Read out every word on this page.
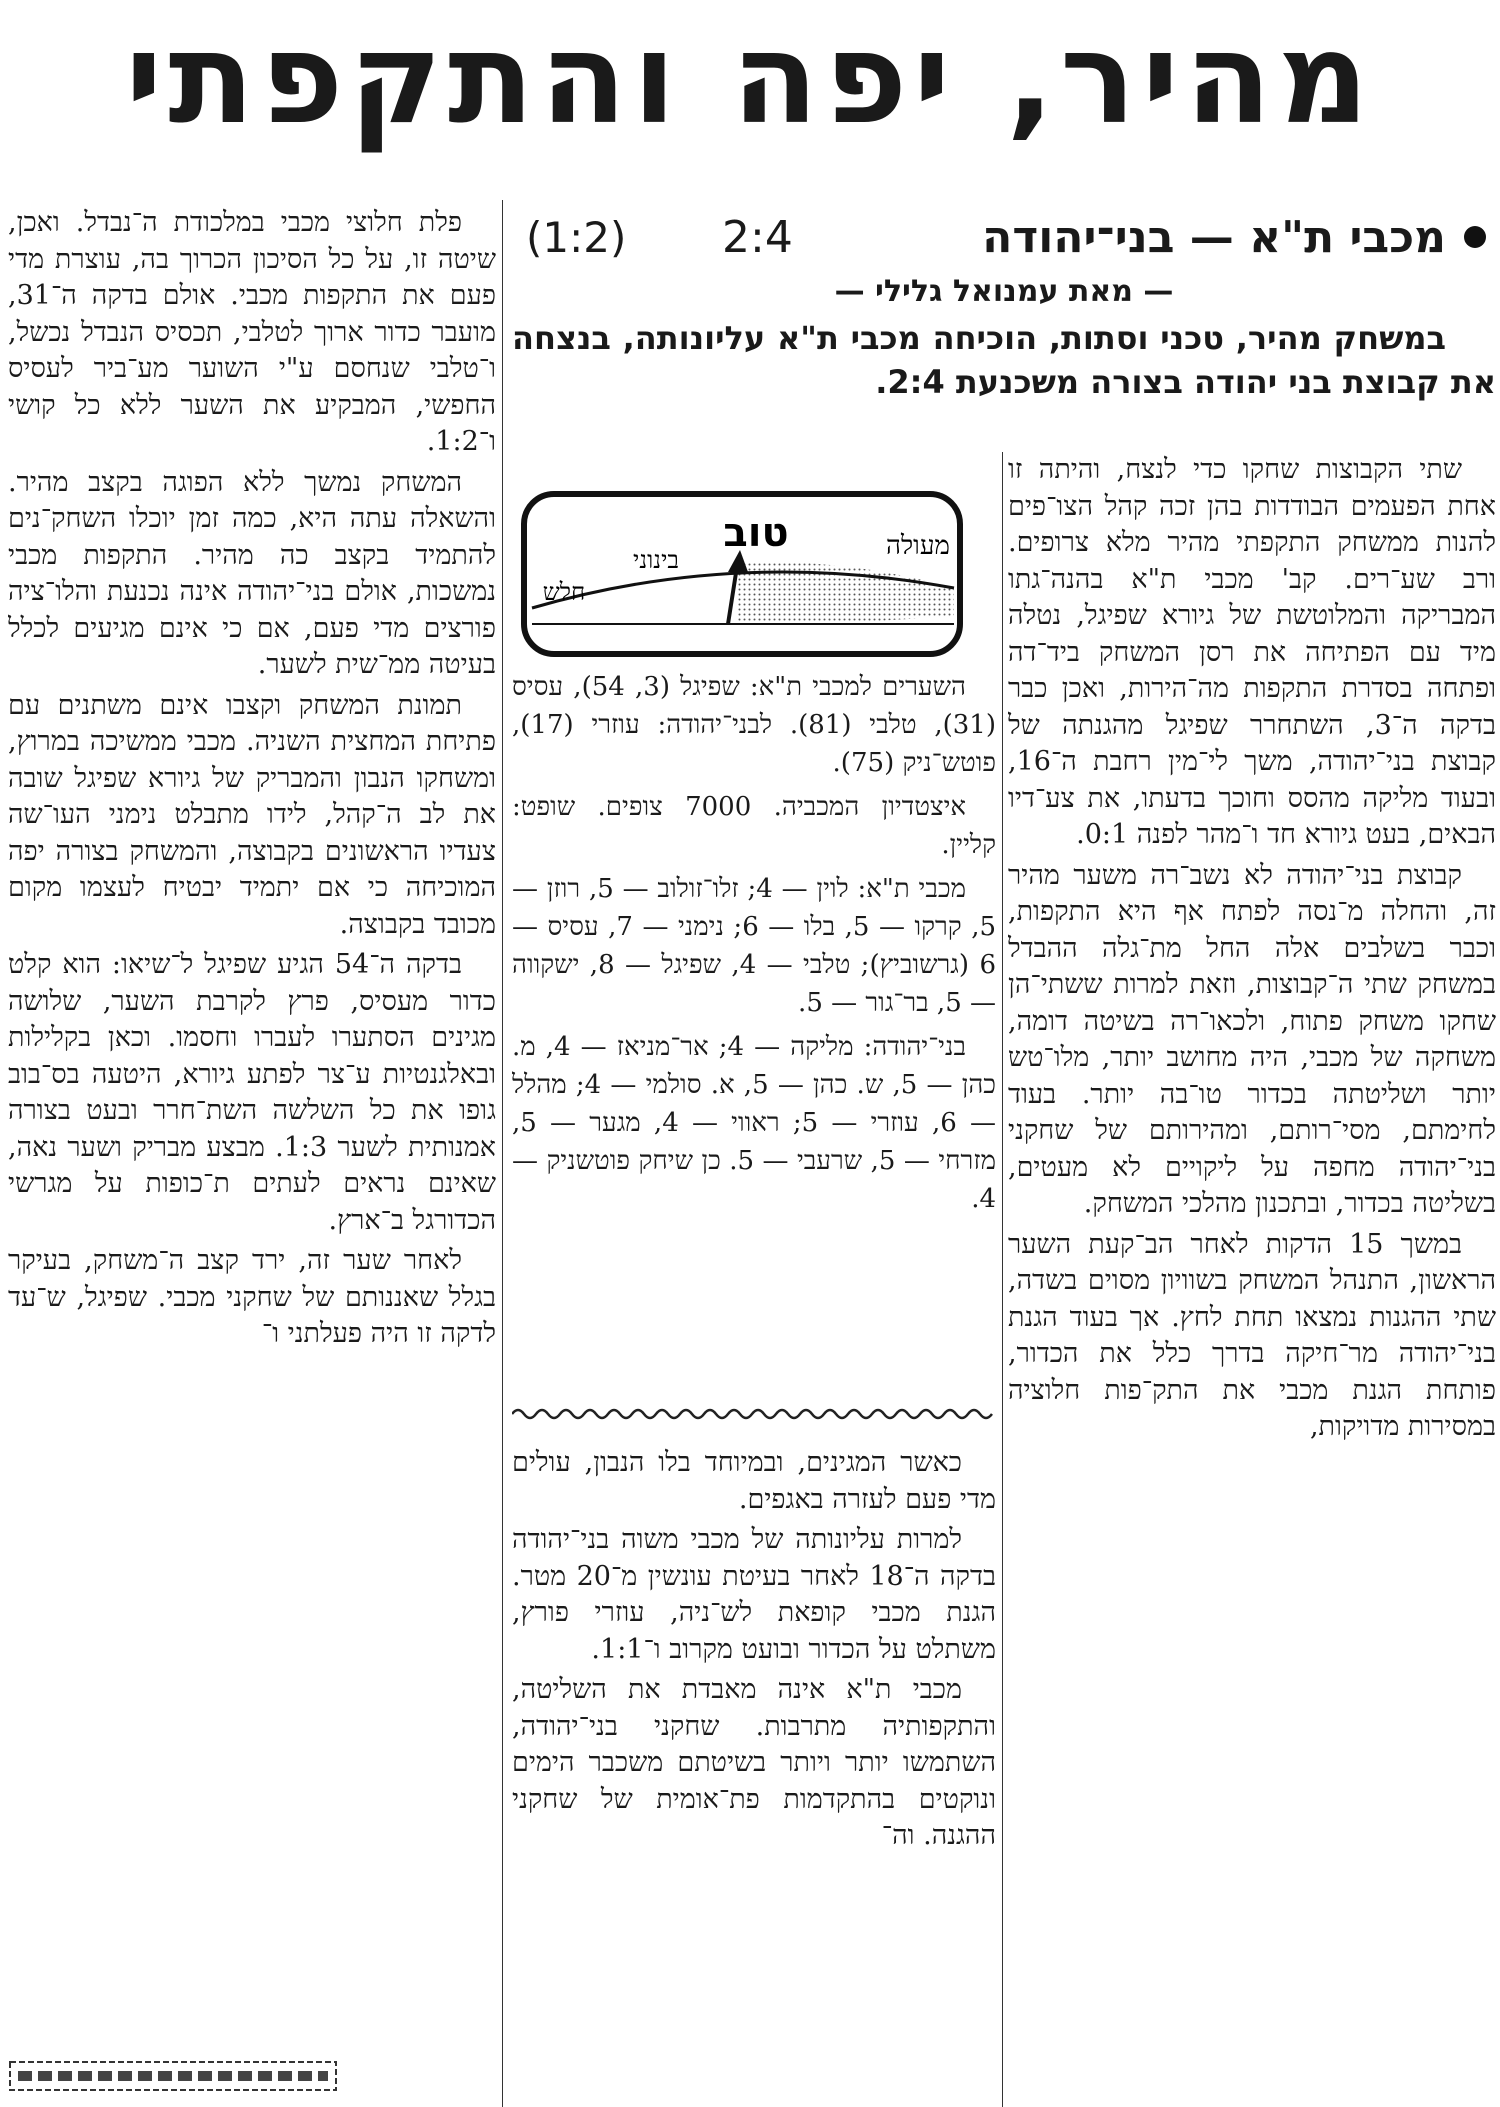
מהיר, יפה והתקפתי
מכבי ת"א — בני־יהודה
2:4
(1:2)
— מאת עמנואל גלילי —
במשחק מהיר, טכני וסתות, הוכיחה מכבי ת"א עליונותה, בנצחה את קבוצת בני יהודה בצורה משכנעת 2:4.
מעולה
טוב
בינוני
חלש

השערים למכבי ת"א: שפיגל (3, 54), עסיס (31), טלבי (81). לבני־יהודה: עוזרי (17), פוטש־ניק (75).

איצטדיון המכביה. 7000 צופים. שופט: קליין.

מכבי ת"א: לוין — 4; זלו־זולוב — 5, רוזן — 5, קרקו — 5, בלו — 6; נימני — 7, עסיס — 6 (גרשוביץ); טלבי — 4, שפיגל — 8, ישקווה — 5, בר־גור — 5.

בני־יהודה: מליקה — 4; אר־מניאז — 4, מ. כהן — 5, ש. כהן — 5, א. סולמי — 4; מהלל — 6, עוזרי — 5; ראווי — 4, מגער — 5, מזרחי — 5, שרעבי — 5. כן שיחק פוטשניק — 4.

שתי הקבוצות שחקו כדי לנצח, והיתה זו אחת הפעמים הבודדות בהן זכה קהל הצו־פים להנות ממשחק התקפתי מהיר מלא צרופים. ורב שע־רים. קב' מכבי ת"א בהנה־גתו המבריקה והמלוטשת של גיורא שפיגל, נטלה מיד עם הפתיחה את רסן המשחק ביד־דה ופתחה בסדרת התקפות מה־הירות, ואכן כבר בדקה ה־3, השתחרר שפיגל מהגנתה של קבוצת בני־יהודה, משך לי־מין רחבת ה־16, ובעוד מליקה מהסס וחוכך בדעתו, את צע־דיו הבאים, בעט גיורא חד ו־מהר לפנה 0:1.

קבוצת בני־יהודה לא נשב־רה משער מהיר זה, והחלה מ־נסה לפתח אף היא התקפות, וכבר בשלבים אלה החל מת־גלה ההבדל במשחק שתי ה־קבוצות, וזאת למרות ששתי־הן שחקו משחק פתוח, ולכאו־רה בשיטה דומה, משחקה של מכבי, היה מחושב יותר, מלו־טש יותר ושליטתה בכדור טו־בה יותר. בעוד לחימתם, מסי־רותם, ומהירותם של שחקני בני־יהודה מחפה על ליקויים לא מעטים, בשליטה בכדור, ובתכנון מהלכי המשחק.

במשך 15 הדקות לאחר הב־קעת השער הראשון, התנהל המשחק בשוויון מסוים בשדה, שתי ההגנות נמצאו תחת לחץ. אך בעוד הגנת בני־יהודה מר־חיקה בדרך כלל את הכדור, פותחת הגנת מכבי את התק־פות חלוציה במסירות מדויקות,

כאשר המגינים, ובמיוחד בלו הנבון, עולים מדי פעם לעזרה באגפים.

למרות עליונותה של מכבי משוה בני־יהודה בדקה ה־18 לאחר בעיטת עונשין מ־20 מטר. הגנת מכבי קופאת לש־ניה, עוזרי פורץ, משתלט על הכדור ובועט מקרוב ו־1:1.

מכבי ת"א אינה מאבדת את השליטה, והתקפותיה מתרבות. שחקני בני־יהודה, השתמשו יותר ויותר בשיטתם משכבר הימים ונוקטים בהתקדמות פת־אומית של שחקני ההגנה. וה־

פלת חלוצי מכבי במלכודת ה־נבדל. ואכן, שיטה זו, על כל הסיכון הכרוך בה, עוצרת מדי פעם את התקפות מכבי. אולם בדקה ה־31, מועבר כדור ארוך לטלבי, תכסיס הנבדל נכשל, ו־טלבי שנחסם ע"י השוער מע־ביר לעסיס החפשי, המבקיע את השער ללא כל קושי ו־1:2.

המשחק נמשך ללא הפוגה בקצב מהיר. והשאלה עתה היא, כמה זמן יוכלו השחק־נים להתמיד בקצב כה מהיר. התקפות מכבי נמשכות, אולם בני־יהודה אינה נכנעת והלו־ציה פורצים מדי פעם, אם כי אינם מגיעים לכלל בעיטה ממ־שית לשער.

תמונת המשחק וקצבו אינם משתנים עם פתיחת המחצית השניה. מכבי ממשיכה במרוץ, ומשחקו הנבון והמבריק של גיורא שפיגל שובה את לב ה־קהל, לידו מתבלט נימני העו־שה צעדיו הראשונים בקבוצה, והמשחק בצורה יפה המוכיחה כי אם יתמיד יבטיח לעצמו מקום מכובד בקבוצה.

בדקה ה־54 הגיע שפיגל ל־שיאו: הוא קלט כדור מעסיס, פרץ לקרבת השער, שלושה מגינים הסתערו לעברו וחסמו. וכאן בקלילות ובאלגנטיות ע־צר לפתע גיורא, היטעה בס־בוב גופו את כל השלשה השת־חרר ובעט בצורה אמנותית לשער 1:3. מבצע מבריק ושער נאה, שאינם נראים לעתים ת־כופות על מגרשי הכדורגל ב־ארץ.

לאחר שער זה, ירד קצב ה־משחק, בעיקר בגלל שאננותם של שחקני מכבי. שפיגל, ש־עד לדקה זו היה פעלתני ו־
